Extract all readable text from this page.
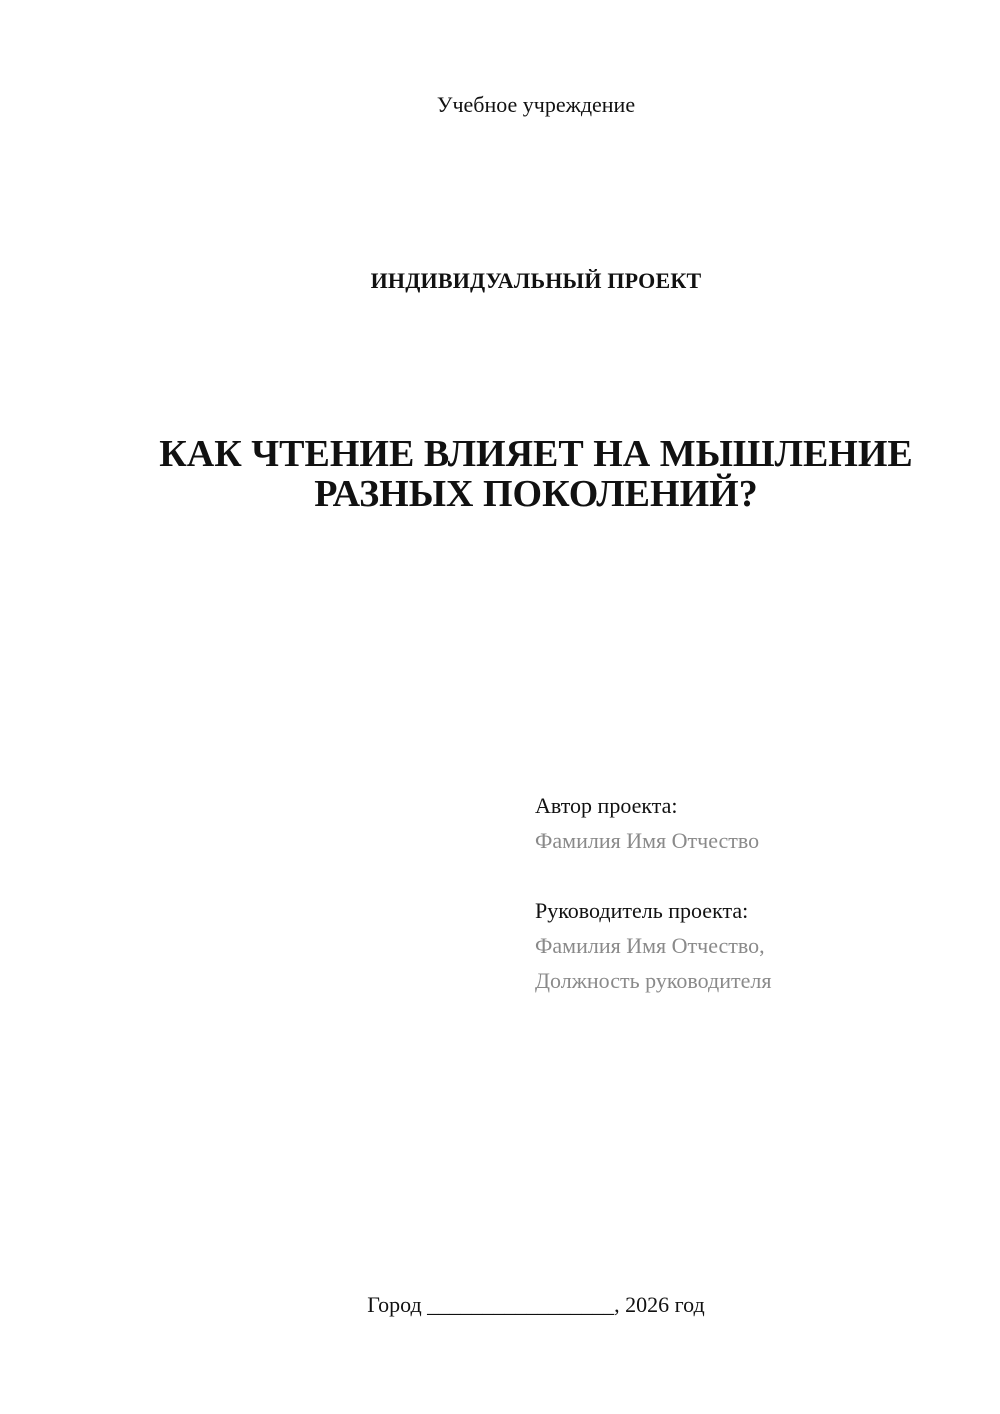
Учебное учреждение
ИНДИВИДУАЛЬНЫЙ ПРОЕКТ
КАК ЧТЕНИЕ ВЛИЯЕТ НА МЫШЛЕНИЕ
РАЗНЫХ ПОКОЛЕНИЙ?
Автор проекта:
Фамилия Имя Отчество
Руководитель проекта:
Фамилия Имя Отчество,
Должность руководителя
Город _________________, 2026 год
